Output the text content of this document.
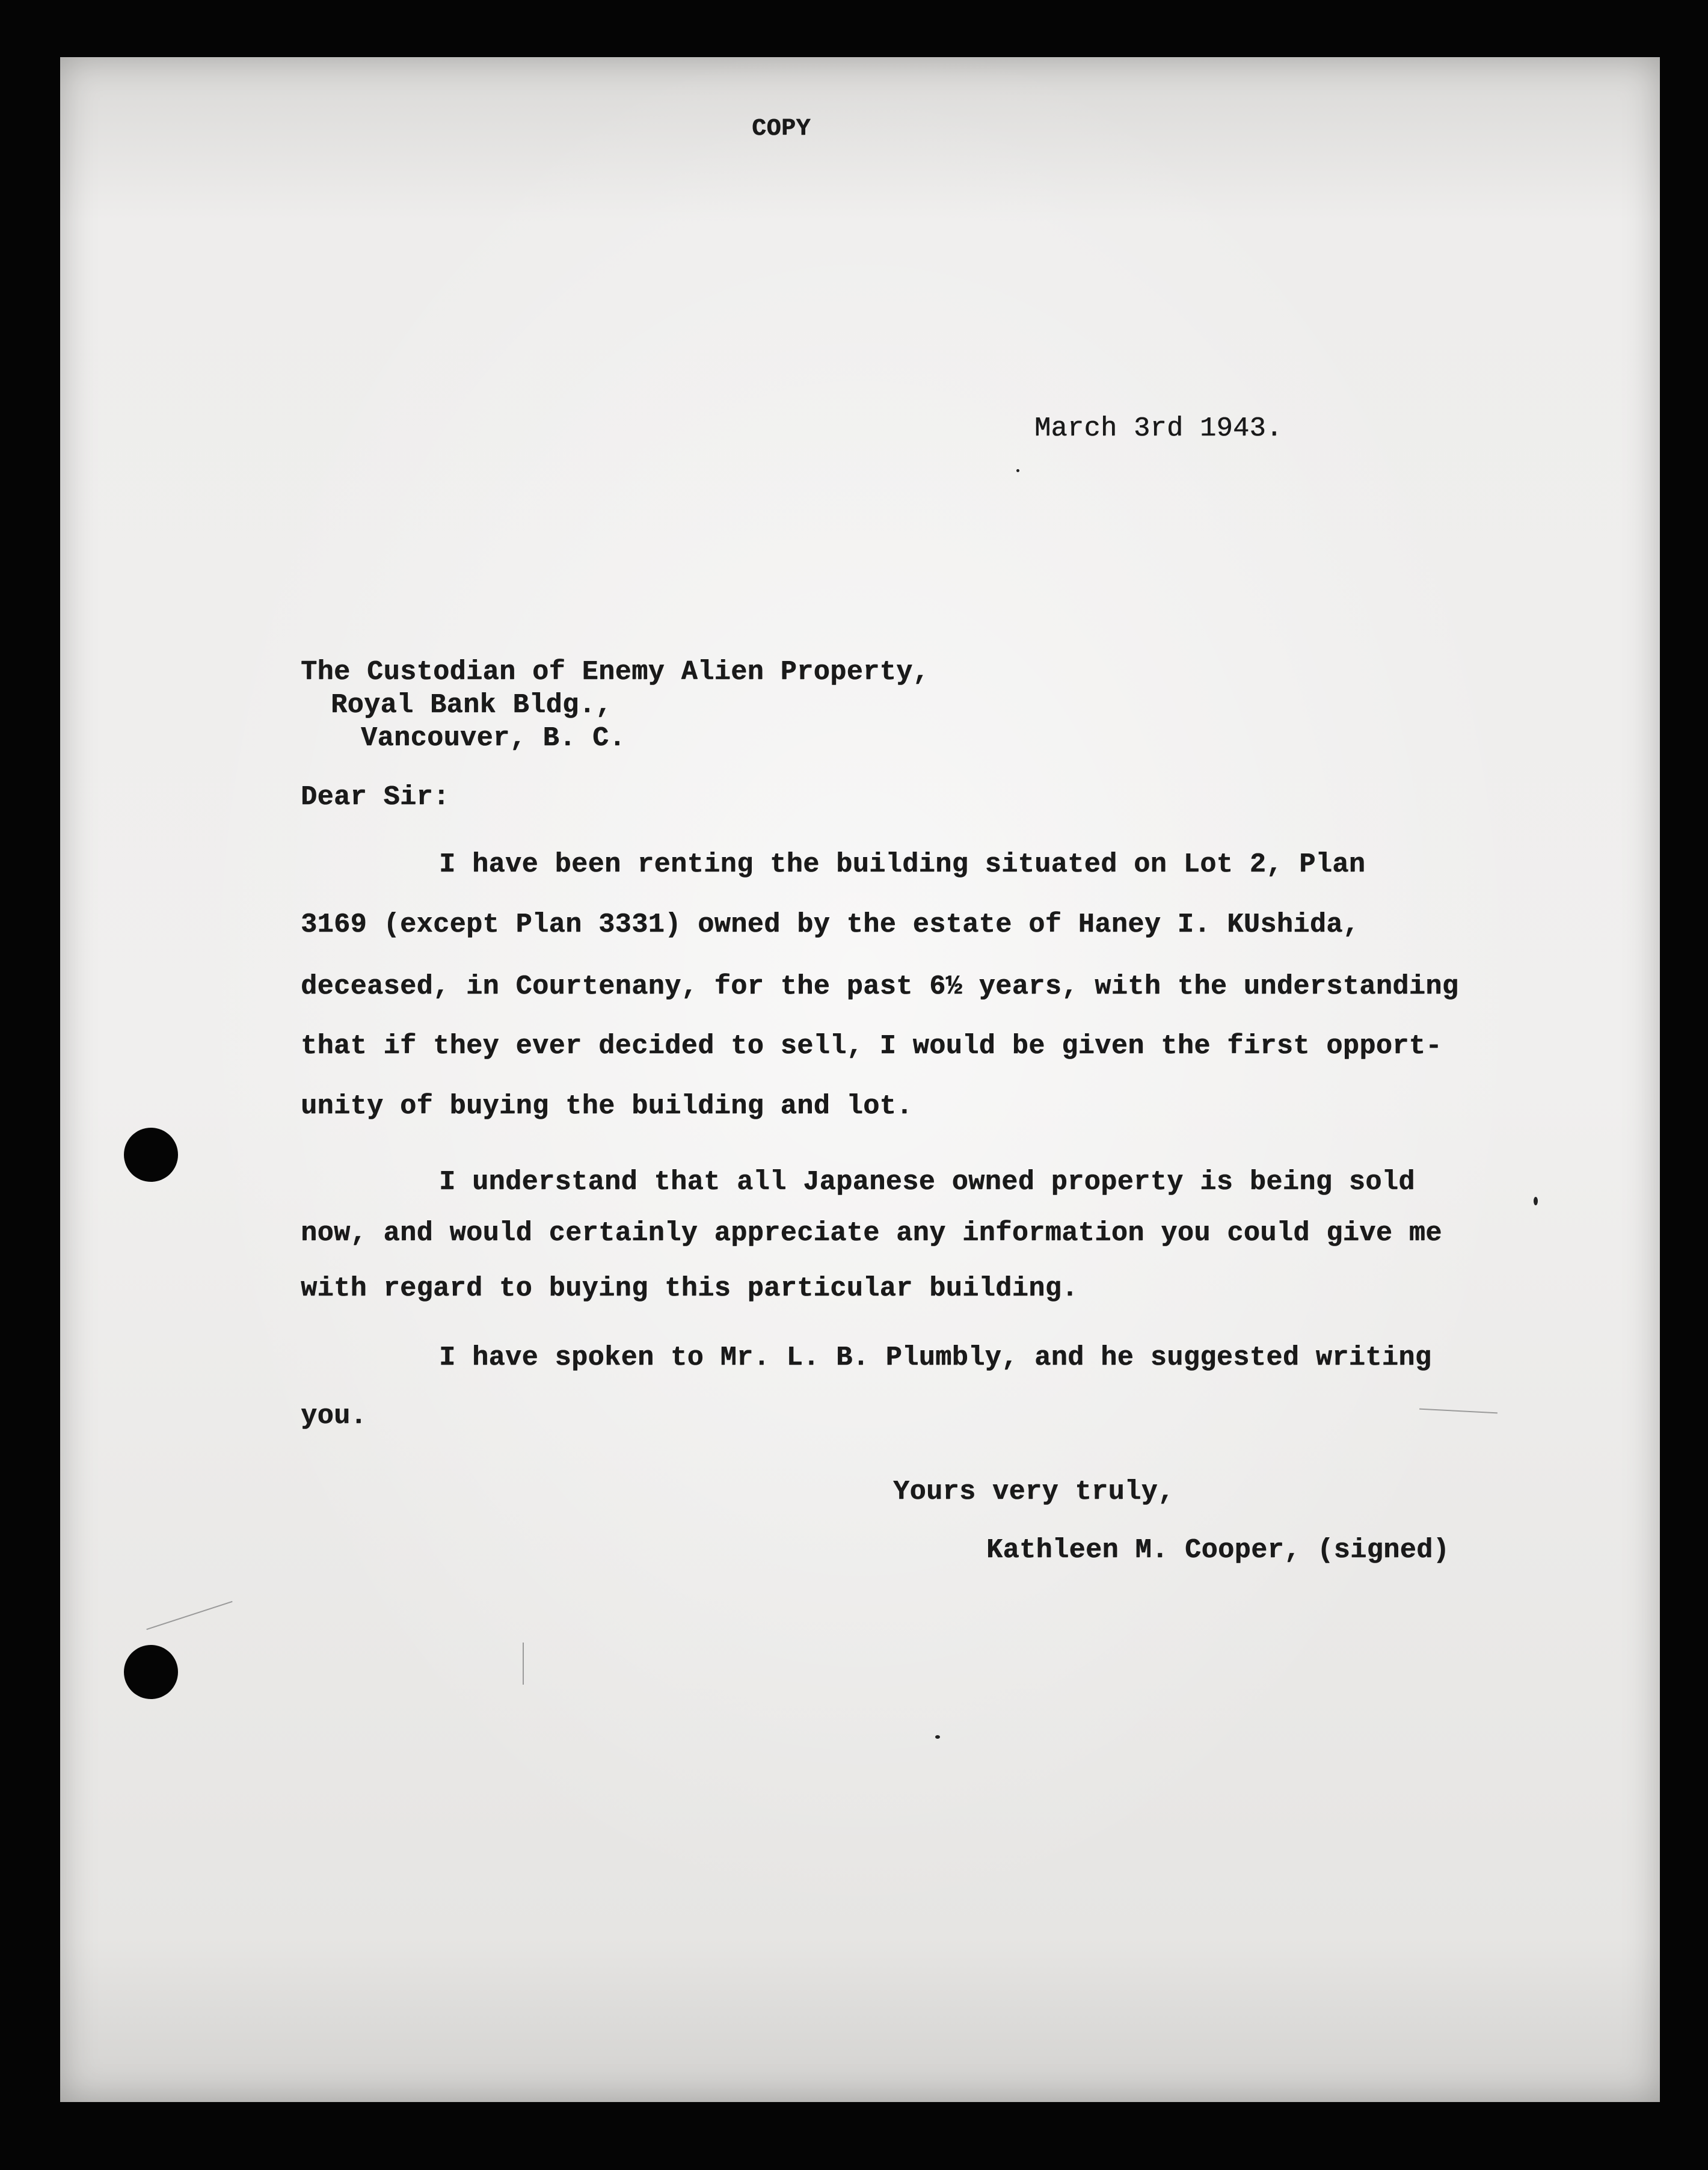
COPY
March 3rd 1943.
The Custodian of Enemy Alien Property,
Royal Bank Bldg.,
Vancouver, B. C.
Dear Sir:
I have been renting the building situated on Lot 2, Plan
3169 (except Plan 3331) owned by the estate of Haney I. KUshida,
deceased, in Courtenany, for the past 6½ years, with the understanding
that if they ever decided to sell, I would be given the first opport-
unity of buying the building and lot.
I understand that all Japanese owned property is being sold
now, and would certainly appreciate any information you could give me
with regard to buying this particular building.
I have spoken to Mr. L. B. Plumbly, and he suggested writing
you.
Yours very truly,
Kathleen M. Cooper, (signed)
